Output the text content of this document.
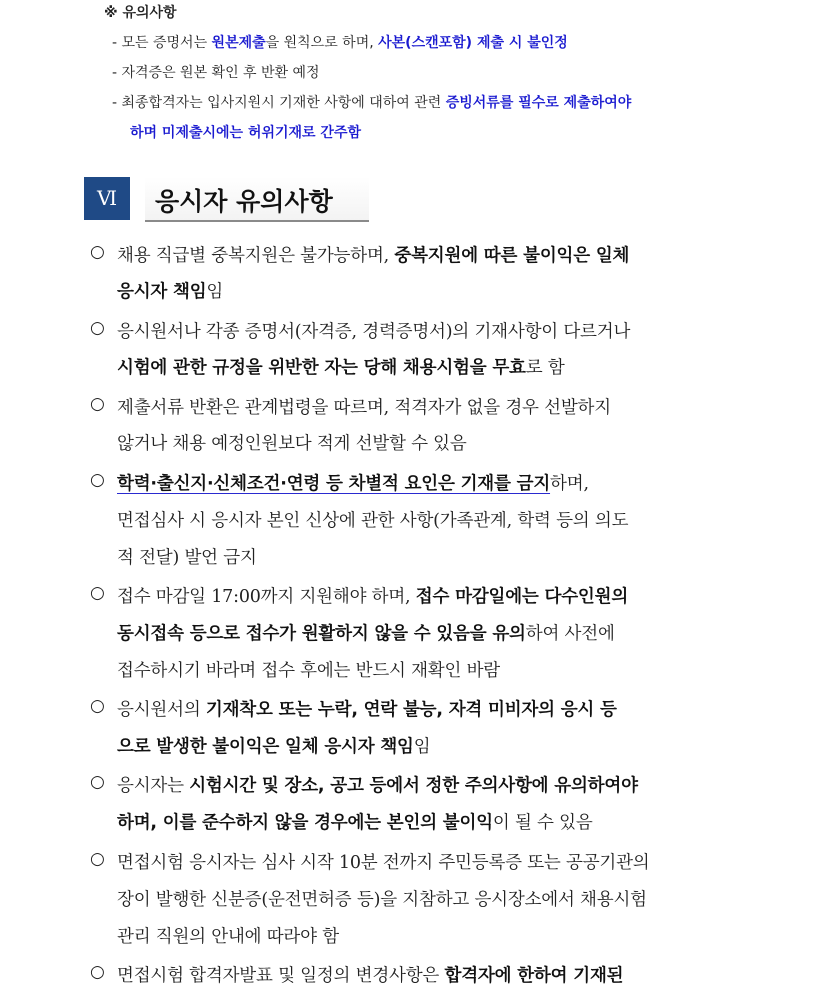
※ 유의사항
- 모든 증명서는 원본제출을 원칙으로 하며, 사본(스캔포함) 제출 시 불인정
- 자격증은 원본 확인 후 반환 예정
- 최종합격자는 입사지원시 기재한 사항에 대하여 관련 증빙서류를 필수로 제출하여야
하며 미제출시에는 허위기재로 간주함
Ⅵ	응시자 유의사항
○ 채용 직급별 중복지원은 불가능하며, 중복지원에 따른 불이익은 일체
응시자 책임임
○ 응시원서나 각종 증명서(자격증, 경력증명서)의 기재사항이 다르거나
시험에 관한 규정을 위반한 자는 당해 채용시험을 무효로 함
○ 제출서류 반환은 관계법령을 따르며, 적격자가 없을 경우 선발하지
않거나 채용 예정인원보다 적게 선발할 수 있음
○ 학력·출신지·신체조건·연령 등 차별적 요인은 기재를 금지하며,
면접심사 시 응시자 본인 신상에 관한 사항(가족관계, 학력 등의 의도
적 전달) 발언 금지
○ 접수 마감일 17:00까지 지원해야 하며, 접수 마감일에는 다수인원의
동시접속 등으로 접수가 원활하지 않을 수 있음을 유의하여 사전에
접수하시기 바라며 접수 후에는 반드시 재확인 바람
○ 응시원서의 기재착오 또는 누락, 연락 불능, 자격 미비자의 응시 등
으로 발생한 불이익은 일체 응시자 책임임
○ 응시자는 시험시간 및 장소, 공고 등에서 정한 주의사항에 유의하여야
하며, 이를 준수하지 않을 경우에는 본인의 불이익이 될 수 있음
○ 면접시험 응시자는 심사 시작 10분 전까지 주민등록증 또는 공공기관의
장이 발행한 신분증(운전면허증 등)을 지참하고 응시장소에서 채용시험
관리 직원의 안내에 따라야 함
○ 면접시험 합격자발표 및 일정의 변경사항은 합격자에 한하여 기재된
